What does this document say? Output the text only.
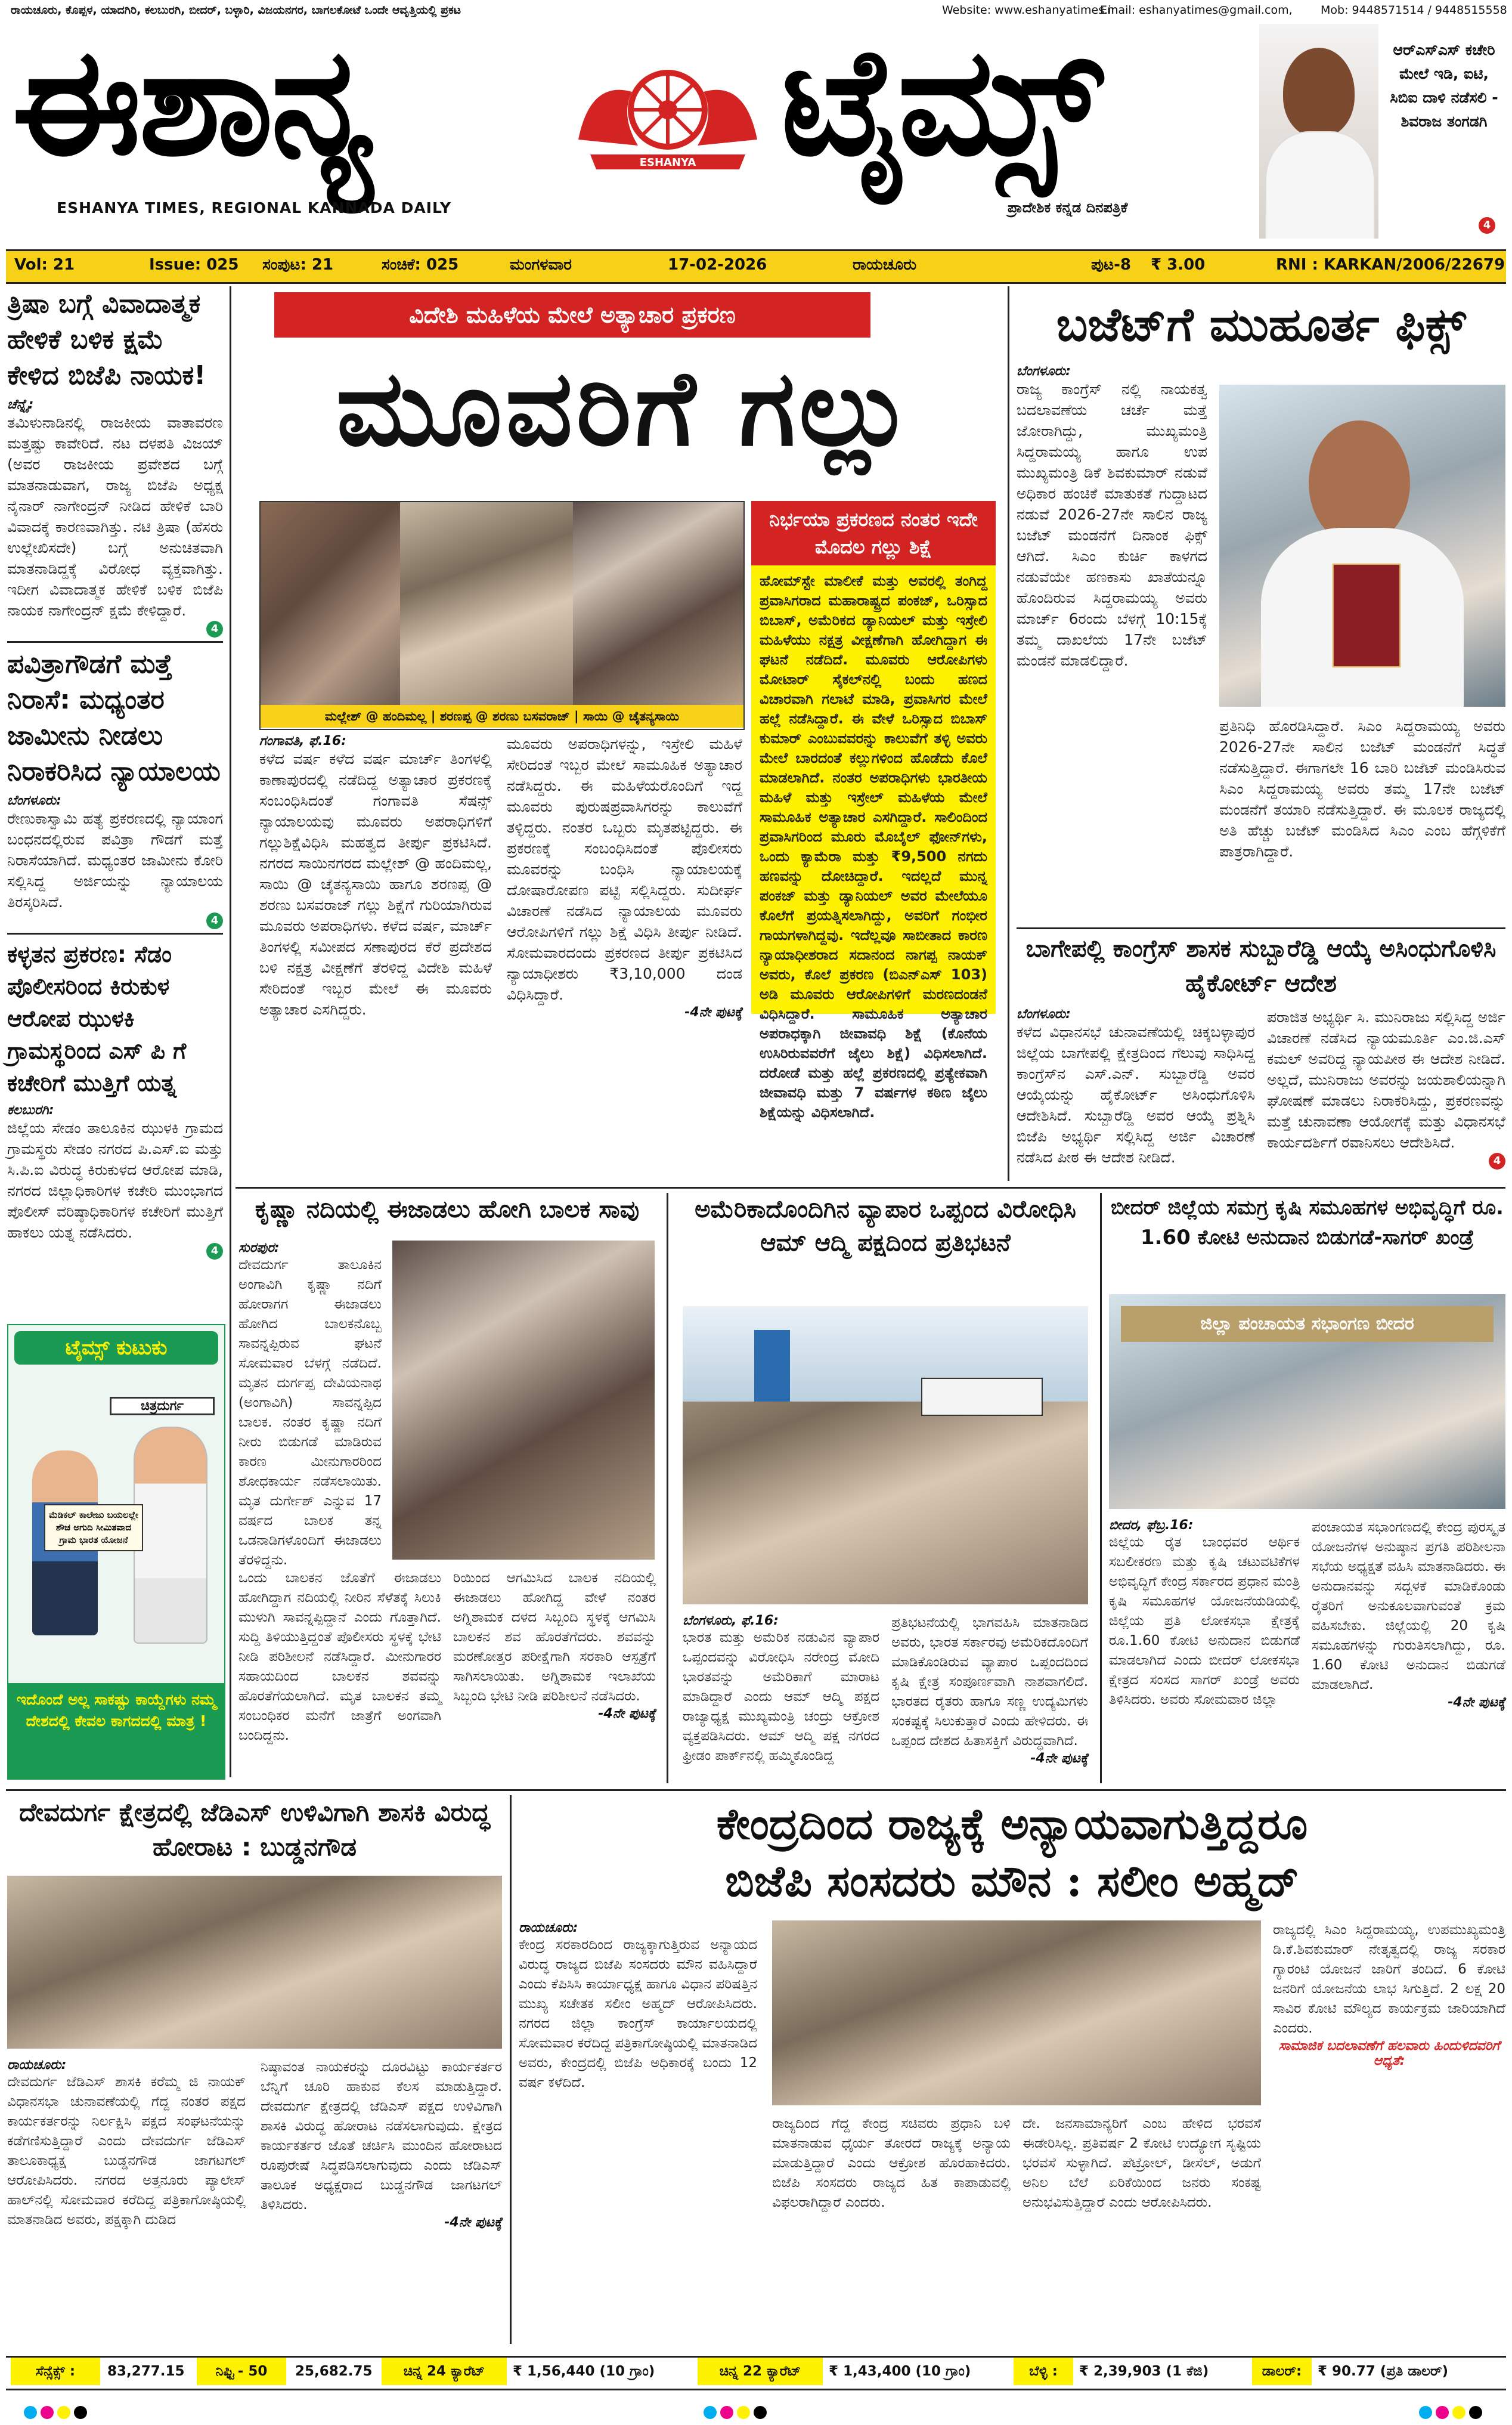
ರಾಯಚೂರು, ಕೊಪ್ಪಳ, ಯಾದಗಿರಿ, ಕಲಬುರಗಿ, ಬೀದರ್, ಬಳ್ಳಾರಿ, ವಿಜಯನಗರ, ಬಾಗಲಕೋಟೆ ಒಂದೇ ಆವೃತ್ತಿಯಲ್ಲಿ ಪ್ರಕಟ	Website: www.eshanyatimes.in
Email: eshanyatimes@gmail.com, Mob: 9448571514 / 9448515558
ಈಶಾನ್ಯ
ESHANYA TIMES, REGIONAL KANNADA DAILY
ESHANYA TIMES ಟೈಮ್ಸ್
ಪ್ರಾದೇಶಿಕ ಕನ್ನಡ ದಿನಪತ್ರಿಕೆ
ಆರ್‌ಎಸ್‌ಎಸ್ ಕಚೇರಿ ಮೇಲೆ ಇಡಿ, ಐಟಿ, ಸಿಬಿಐ ದಾಳಿ ನಡೆಸಲಿ - ಶಿವರಾಜ ತಂಗಡಗಿ
4
Vol: 21	Issue: 025 ಸಂಪುಟ: 21	ಸಂಚಿಕೆ: 025	ಮಂಗಳವಾರ	17-02-2026	ರಾಯಚೂರು	ಪುಟ-8 ₹ 3.00	RNI : KARKAN/2006/22679
ತ್ರಿಷಾ ಬಗ್ಗೆ ವಿವಾದಾತ್ಮಕ ಹೇಳಿಕೆ ಬಳಿಕ ಕ್ಷಮೆ ಕೇಳಿದ ಬಿಜೆಪಿ ನಾಯಕ!
ಚೆನ್ನೈ:
ತಮಿಳುನಾಡಿನಲ್ಲಿ ರಾಜಕೀಯ ವಾತಾವರಣ ಮತ್ತಷ್ಟು ಕಾವೇರಿದೆ. ನಟ ದಳಪತಿ ವಿಜಯ್ (ಅವರ ರಾಜಕೀಯ ಪ್ರವೇಶದ ಬಗ್ಗೆ ಮಾತನಾಡುವಾಗ, ರಾಜ್ಯ ಬಿಜೆಪಿ ಅಧ್ಯಕ್ಷ ನೈನಾರ್ ನಾಗೇಂದ್ರನ್ ನೀಡಿದ ಹೇಳಿಕೆ ಬಾರಿ ವಿವಾದಕ್ಕೆ ಕಾರಣವಾಗಿತ್ತು. ನಟಿ ತ್ರಿಷಾ (ಹೆಸರು ಉಲ್ಲೇಖಿಸದೇ) ಬಗ್ಗೆ ಅನುಚಿತವಾಗಿ ಮಾತನಾಡಿದ್ದಕ್ಕೆ ವಿರೋಧ ವ್ಯಕ್ತವಾಗಿತ್ತು. ಇದೀಗ ವಿವಾದಾತ್ಮಕ ಹೇಳಿಕೆ ಬಳಿಕ ಬಿಜೆಪಿ ನಾಯಕ ನಾಗೇಂದ್ರನ್ ಕ್ಷಮೆ ಕೇಳಿದ್ದಾರೆ.
4
ಪವಿತ್ರಾಗೌಡಗೆ ಮತ್ತೆ ನಿರಾಸೆ: ಮಧ್ಯಂತರ ಜಾಮೀನು ನೀಡಲು ನಿರಾಕರಿಸಿದ ನ್ಯಾಯಾಲಯ
ಬೆಂಗಳೂರು:
ರೇಣುಕಾಸ್ವಾಮಿ ಹತ್ಯೆ ಪ್ರಕರಣದಲ್ಲಿ ನ್ಯಾಯಾಂಗ ಬಂಧನದಲ್ಲಿರುವ ಪವಿತ್ರಾ ಗೌಡಗೆ ಮತ್ತೆ ನಿರಾಸೆಯಾಗಿದೆ. ಮಧ್ಯಂತರ ಜಾಮೀನು ಕೋರಿ ಸಲ್ಲಿಸಿದ್ದ ಅರ್ಜಿಯನ್ನು ನ್ಯಾಯಾಲಯ ತಿರಸ್ಕರಿಸಿದೆ.
4
ಕಳ್ಳತನ ಪ್ರಕರಣ: ಸೆಡಂ ಪೊಲೀಸರಿಂದ ಕಿರುಕುಳ ಆರೋಪ ಝುಳಕಿ ಗ್ರಾಮಸ್ಥರಿಂದ ಎಸ್ ಪಿ ಗೆ ಕಚೇರಿಗೆ ಮುತ್ತಿಗೆ ಯತ್ನ
ಕಲಬುರಗಿ:
ಜಿಲ್ಲೆಯ ಸೇಡಂ ತಾಲೂಕಿನ ಝುಳಕಿ ಗ್ರಾಮದ ಗ್ರಾಮಸ್ಥರು ಸೇಡಂ ನಗರದ ಪಿ.ಎಸ್.ಐ ಮತ್ತು ಸಿ.ಪಿ.ಐ ವಿರುದ್ಧ ಕಿರುಕುಳದ ಆರೋಪ ಮಾಡಿ, ನಗರದ ಜಿಲ್ಲಾಧಿಕಾರಿಗಳ ಕಚೇರಿ ಮುಂಭಾಗದ ಪೊಲೀಸ್ ವರಿಷ್ಠಾಧಿಕಾರಿಗಳ ಕಚೇರಿಗೆ ಮುತ್ತಿಗೆ ಹಾಕಲು ಯತ್ನ ನಡೆಸಿದರು.
4
ಟೈಮ್ಸ್ ಕುಟುಕು
ಚಿತ್ರದುರ್ಗ
ಮೆಡಿಕಲ್ ಕಾಲೇಜು ಬಯಲಲ್ಲೇ ಶೌಚ ಅಗುದಿ ಸೀಮಿತವಾದ ಗ್ರಾಮ ಭಾರತ ಯೋಜನೆ
ಇದೊಂದೆ ಅಲ್ಲ ಸಾಕಷ್ಟು ಕಾಯ್ದೆಗಳು ನಮ್ಮ ದೇಶದಲ್ಲಿ ಕೇವಲ ಕಾಗದದಲ್ಲಿ ಮಾತ್ರ !
ವಿದೇಶಿ ಮಹಿಳೆಯ ಮೇಲೆ ಅತ್ಯಾಚಾರ ಪ್ರಕರಣ
ಮೂವರಿಗೆ ಗಲ್ಲು
ಮಲ್ಲೇಶ್ @ ಹಂದಿಮಲ್ಲ | ಶರಣಪ್ಪ @ ಶರಣು ಬಸವರಾಜ್ | ಸಾಯಿ @ ಚೈತನ್ಯಸಾಯಿ
ನಿರ್ಭಯಾ ಪ್ರಕರಣದ ನಂತರ ಇದೇ ಮೊದಲ ಗಲ್ಲು ಶಿಕ್ಷೆ
ಹೋಮ್‌ಸ್ಟೇ ಮಾಲೀಕೆ ಮತ್ತು ಅವರಲ್ಲಿ ತಂಗಿದ್ದ ಪ್ರವಾಸಿಗರಾದ ಮಹಾರಾಷ್ಟ್ರದ ಪಂಕಜ್, ಒರಿಸ್ಸಾದ ಬಿಬಾಸ್, ಅಮೆರಿಕದ ಡ್ಯಾನಿಯಲ್ ಮತ್ತು ಇಸ್ರೇಲಿ ಮಹಿಳೆಯು ನಕ್ಷತ್ರ ವೀಕ್ಷಣೆಗಾಗಿ ಹೋಗಿದ್ದಾಗ ಈ ಘಟನೆ ನಡೆದಿದೆ. ಮೂವರು ಆರೋಪಿಗಳು ಮೋಟಾರ್ ಸೈಕಲ್‌ನಲ್ಲಿ ಬಂದು ಹಣದ ವಿಚಾರವಾಗಿ ಗಲಾಟೆ ಮಾಡಿ, ಪ್ರವಾಸಿಗರ ಮೇಲೆ ಹಲ್ಲೆ ನಡೆಸಿದ್ದಾರೆ. ಈ ವೇಳೆ ಒರಿಸ್ಸಾದ ಬಿಬಾಸ್ ಕುಮಾರ್ ಎಂಬುವವರನ್ನು ಕಾಲುವೆಗೆ ತಳ್ಳಿ ಅವರು ಮೇಲೆ ಬಾರದಂತೆ ಕಲ್ಲುಗಳಿಂದ ಹೊಡೆದು ಕೊಲೆ ಮಾಡಲಾಗಿದೆ. ನಂತರ ಅಪರಾಧಿಗಳು ಭಾರತೀಯ ಮಹಿಳೆ ಮತ್ತು ಇಸ್ರೇಲ್ ಮಹಿಳೆಯ ಮೇಲೆ ಸಾಮೂಹಿಕ ಅತ್ಯಾಚಾರ ಎಸಗಿದ್ದಾರೆ. ಸಾಲಿಂದಿಂದ ಪ್ರವಾಸಿಗರಿಂದ ಮೂರು ಮೊಬೈಲ್ ಫೋನ್‌ಗಳು, ಒಂದು ಕ್ಯಾಮೆರಾ ಮತ್ತು ₹9,500 ನಗದು ಹಣವನ್ನು ದೋಚಿದ್ದಾರೆ. ಇದಲ್ಲದೆ ಮುನ್ನ ಪಂಕಜ್ ಮತ್ತು ಡ್ಯಾನಿಯಲ್ ಅವರ ಮೇಲೆಯೂ ಕೊಲೆಗೆ ಪ್ರಯತ್ನಿಸಲಾಗಿದ್ದು, ಅವರಿಗೆ ಗಂಭೀರ ಗಾಯಗಳಾಗಿದ್ದವು. ಇದೆಲ್ಲವೂ ಸಾಬೀತಾದ ಕಾರಣ ನ್ಯಾಯಾಧೀಶರಾದ ಸದಾನಂದ ನಾಗಪ್ಪ ನಾಯಕ್ ಅವರು, ಕೊಲೆ ಪ್ರಕರಣ (ಬಿಎನ್‌ಎಸ್ 103) ಅಡಿ ಮೂವರು ಆರೋಪಿಗಳಿಗೆ ಮರಣದಂಡನೆ ವಿಧಿಸಿದ್ದಾರೆ. ಸಾಮೂಹಿಕ ಅತ್ಯಾಚಾರ ಅಪರಾಧಕ್ಕಾಗಿ ಜೀವಾವಧಿ ಶಿಕ್ಷೆ (ಕೊನೆಯ ಉಸಿರಿರುವವರೆಗೆ ಜೈಲು ಶಿಕ್ಷೆ) ವಿಧಿಸಲಾಗಿದೆ. ದರೋಡೆ ಮತ್ತು ಹಲ್ಲೆ ಪ್ರಕರಣದಲ್ಲಿ ಪ್ರತ್ಯೇಕವಾಗಿ ಜೀವಾವಧಿ ಮತ್ತು 7 ವರ್ಷಗಳ ಕಠಿಣ ಜೈಲು ಶಿಕ್ಷೆಯನ್ನು ವಿಧಿಸಲಾಗಿದೆ.
ಗಂಗಾವತಿ, ಫೆ.16:
ಕಳೆದ ವರ್ಷ ಕಳೆದ ವರ್ಷ ಮಾರ್ಚ್ ತಿಂಗಳಲ್ಲಿ ಕಾಣಾಪುರದಲ್ಲಿ ನಡೆದಿದ್ದ ಅತ್ಯಾಚಾರ ಪ್ರಕರಣಕ್ಕೆ ಸಂಬಂಧಿಸಿದಂತೆ ಗಂಗಾವತಿ ಸೆಷನ್ಸ್ ನ್ಯಾಯಾಲಯವು ಮೂವರು ಅಪರಾಧಿಗಳಿಗೆ ಗಲ್ಲುಶಿಕ್ಷೆವಿಧಿಸಿ ಮಹತ್ವದ ತೀರ್ಪು ಪ್ರಕಟಿಸಿದೆ. ನಗರದ ಸಾಯಿನಗರದ ಮಲ್ಲೇಶ್ @ ಹಂದಿಮಲ್ಲ, ಸಾಯಿ @ ಚೈತನ್ಯಸಾಯಿ ಹಾಗೂ ಶರಣಪ್ಪ @ ಶರಣು ಬಸವರಾಜ್ ಗಲ್ಲು ಶಿಕ್ಷೆಗೆ ಗುರಿಯಾಗಿರುವ ಮೂವರು ಅಪರಾಧಿಗಳು. ಕಳೆದ ವರ್ಷ, ಮಾರ್ಚ್ ತಿಂಗಳಲ್ಲಿ ಸಮೀಪದ ಸಣಾಪುರದ ಕೆರೆ ಪ್ರದೇಶದ ಬಳಿ ನಕ್ಷತ್ರ ವೀಕ್ಷಣೆಗೆ ತೆರಳಿದ್ದ ವಿದೇಶಿ ಮಹಿಳೆ ಸೇರಿದಂತೆ ಇಬ್ಬರ ಮೇಲೆ ಈ ಮೂವರು ಅತ್ಯಾಚಾರ ಎಸಗಿದ್ದರು.
ಮೂವರು ಅಪರಾಧಿಗಳನ್ನು, ಇಸ್ರೇಲಿ ಮಹಿಳೆ ಸೇರಿದಂತೆ ಇಬ್ಬರ ಮೇಲೆ ಸಾಮೂಹಿಕ ಅತ್ಯಾಚಾರ ನಡೆಸಿದ್ದರು. ಈ ಮಹಿಳೆಯರೊಂದಿಗೆ ಇದ್ದ ಮೂವರು ಪುರುಷಪ್ರವಾಸಿಗರನ್ನು ಕಾಲುವೆಗೆ ತಳ್ಳಿದ್ದರು. ನಂತರ ಒಬ್ಬರು ಮೃತಪಟ್ಟಿದ್ದರು. ಈ ಪ್ರಕರಣಕ್ಕೆ ಸಂಬಂಧಿಸಿದಂತೆ ಪೊಲೀಸರು ಮೂವರನ್ನು ಬಂಧಿಸಿ ನ್ಯಾಯಾಲಯಕ್ಕೆ ದೋಷಾರೋಪಣ ಪಟ್ಟಿ ಸಲ್ಲಿಸಿದ್ದರು. ಸುದೀರ್ಘ ವಿಚಾರಣೆ ನಡೆಸಿದ ನ್ಯಾಯಾಲಯ ಮೂವರು ಆರೋಪಿಗಳಿಗೆ ಗಲ್ಲು ಶಿಕ್ಷೆ ವಿಧಿಸಿ ತೀರ್ಪು ನೀಡಿದೆ. ಸೋಮವಾರದಂದು ಪ್ರಕರಣದ ತೀರ್ಪು ಪ್ರಕಟಿಸಿದ ನ್ಯಾಯಾಧೀಶರು ₹3,10,000 ದಂಡ ವಿಧಿಸಿದ್ದಾರೆ.
-4ನೇ ಪುಟಕ್ಕೆ
ಬಜೆಟ್‌ಗೆ ಮುಹೂರ್ತ ಫಿಕ್ಸ್
ಬೆಂಗಳೂರು:
ರಾಜ್ಯ ಕಾಂಗ್ರೆಸ್ ನಲ್ಲಿ ನಾಯಕತ್ವ ಬದಲಾವಣೆಯ ಚರ್ಚೆ ಮತ್ತೆ ಜೋರಾಗಿದ್ದು, ಮುಖ್ಯಮಂತ್ರಿ ಸಿದ್ದರಾಮಯ್ಯ ಹಾಗೂ ಉಪ ಮುಖ್ಯಮಂತ್ರಿ ಡಿಕೆ ಶಿವಕುಮಾರ್ ನಡುವೆ ಅಧಿಕಾರ ಹಂಚಿಕೆ ಮಾತುಕತೆ ಗುದ್ದಾಟದ ನಡುವೆ 2026-27ನೇ ಸಾಲಿನ ರಾಜ್ಯ ಬಜೆಟ್ ಮಂಡನೆಗೆ ದಿನಾಂಕ ಫಿಕ್ಸ್ ಆಗಿದೆ. ಸಿಎಂ ಕುರ್ಚಿ ಕಾಳಗದ ನಡುವೆಯೇ ಹಣಕಾಸು ಖಾತೆಯನ್ನೂ ಹೊಂದಿರುವ ಸಿದ್ದರಾಮಯ್ಯ ಅವರು ಮಾರ್ಚ್ 6ರಂದು ಬೆಳಗ್ಗೆ 10:15ಕ್ಕೆ ತಮ್ಮ ದಾಖಲೆಯ 17ನೇ ಬಜೆಟ್ ಮಂಡನೆ ಮಾಡಲಿದ್ದಾರೆ.
ಪ್ರತಿನಿಧಿ ಹೊರಡಿಸಿದ್ದಾರೆ. ಸಿಎಂ ಸಿದ್ದರಾಮಯ್ಯ ಅವರು 2026-27ನೇ ಸಾಲಿನ ಬಜೆಟ್ ಮಂಡನೆಗೆ ಸಿದ್ಧತೆ ನಡೆಸುತ್ತಿದ್ದಾರೆ. ಈಗಾಗಲೇ 16 ಬಾರಿ ಬಜೆಟ್ ಮಂಡಿಸಿರುವ ಸಿಎಂ ಸಿದ್ದರಾಮಯ್ಯ ಅವರು ತಮ್ಮ 17ನೇ ಬಜೆಟ್ ಮಂಡನೆಗೆ ತಯಾರಿ ನಡೆಸುತ್ತಿದ್ದಾರೆ. ಈ ಮೂಲಕ ರಾಜ್ಯದಲ್ಲಿ ಅತಿ ಹೆಚ್ಚು ಬಜೆಟ್ ಮಂಡಿಸಿದ ಸಿಎಂ ಎಂಬ ಹೆಗ್ಗಳಿಕೆಗೆ ಪಾತ್ರರಾಗಿದ್ದಾರೆ.
ಬಾಗೇಪಲ್ಲಿ ಕಾಂಗ್ರೆಸ್ ಶಾಸಕ ಸುಬ್ಬಾರೆಡ್ಡಿ ಆಯ್ಕೆ ಅಸಿಂಧುಗೊಳಿಸಿ ಹೈಕೋರ್ಟ್ ಆದೇಶ
ಬೆಂಗಳೂರು:
ಕಳೆದ ವಿಧಾನಸಭೆ ಚುನಾವಣೆಯಲ್ಲಿ ಚಿಕ್ಕಬಳ್ಳಾಪುರ ಜಿಲ್ಲೆಯ ಬಾಗೇಪಲ್ಲಿ ಕ್ಷೇತ್ರದಿಂದ ಗೆಲುವು ಸಾಧಿಸಿದ್ದ ಕಾಂಗ್ರೆಸ್‌ನ ಎಸ್.ಎನ್. ಸುಬ್ಬಾರೆಡ್ಡಿ ಅವರ ಆಯ್ಕೆಯನ್ನು ಹೈಕೋರ್ಟ್ ಅಸಿಂಧುಗೊಳಿಸಿ ಆದೇಶಿಸಿದೆ. ಸುಬ್ಬಾರೆಡ್ಡಿ ಅವರ ಆಯ್ಕೆ ಪ್ರಶ್ನಿಸಿ ಬಿಜೆಪಿ ಅಭ್ಯರ್ಥಿ ಸಲ್ಲಿಸಿದ್ದ ಅರ್ಜಿ ವಿಚಾರಣೆ ನಡೆಸಿದ ಪೀಠ ಈ ಆದೇಶ ನೀಡಿದೆ.
ಪರಾಜಿತ ಅಭ್ಯರ್ಥಿ ಸಿ. ಮುನಿರಾಜು ಸಲ್ಲಿಸಿದ್ದ ಅರ್ಜಿ ವಿಚಾರಣೆ ನಡೆಸಿದ ನ್ಯಾಯಮೂರ್ತಿ ಎಂ.ಜಿ.ಎಸ್ ಕಮಲ್ ಅವರಿದ್ದ ನ್ಯಾಯಪೀಠ ಈ ಆದೇಶ ನೀಡಿದೆ. ಅಲ್ಲದೆ, ಮುನಿರಾಜು ಅವರನ್ನು ಜಯಶಾಲಿಯನ್ನಾಗಿ ಘೋಷಣೆ ಮಾಡಲು ನಿರಾಕರಿಸಿದ್ದು, ಪ್ರಕರಣವನ್ನು ಮತ್ತೆ ಚುನಾವಣಾ ಆಯೋಗಕ್ಕೆ ಮತ್ತು ವಿಧಾನಸಭೆ ಕಾರ್ಯದರ್ಶಿಗೆ ರವಾನಿಸಲು ಆದೇಶಿಸಿದೆ.
4
ಕೃಷ್ಣಾ ನದಿಯಲ್ಲಿ ಈಜಾಡಲು ಹೋಗಿ ಬಾಲಕ ಸಾವು
ಸುರಪುರ:
ದೇವದುರ್ಗ ತಾಲೂಕಿನ ಅಂಗಾವಿಗಿ ಕೃಷ್ಣಾ ನದಿಗೆ ಹೋರಾಗಗ ಈಜಾಡಲು ಹೋಗಿದ ಬಾಲಕನೊಬ್ಬ ಸಾವನ್ನಪ್ಪಿರುವ ಘಟನೆ ಸೋಮವಾರ ಬೆಳಗ್ಗೆ ನಡೆದಿದೆ. ಮೃತನ ದುರ್ಗಪ್ಪ ದೇವಿಯನಾಥ (ಅಂಗಾವಿಗಿ) ಸಾವನ್ನಪ್ಪಿದ ಬಾಲಕ. ನಂತರ ಕೃಷ್ಣಾ ನದಿಗೆ ನೀರು ಬಿಡುಗಡೆ ಮಾಡಿರುವ ಕಾರಣ ಮೀನುಗಾರರಿಂದ ಶೋಧಕಾರ್ಯ ನಡೆಸಲಾಯಿತು. ಮೃತ ದುರ್ಗೇಶ್ ಎನ್ನುವ 17 ವರ್ಷದ ಬಾಲಕ ತನ್ನ ಒಡನಾಡಿಗಳೊಂದಿಗೆ ಈಜಾಡಲು ತೆರಳಿದ್ದನು.
ಒಂದು ಬಾಲಕನ ಜೊತೆಗೆ ಈಜಾಡಲು ಹೋಗಿದ್ದಾಗ ನದಿಯಲ್ಲಿ ನೀರಿನ ಸೆಳೆತಕ್ಕೆ ಸಿಲುಕಿ ಮುಳುಗಿ ಸಾವನ್ನಪ್ಪಿದ್ದಾನೆ ಎಂದು ಗೊತ್ತಾಗಿದೆ. ಸುದ್ದಿ ತಿಳಿಯುತ್ತಿದ್ದಂತೆ ಪೊಲೀಸರು ಸ್ಥಳಕ್ಕೆ ಭೇಟಿ ನೀಡಿ ಪರಿಶೀಲನೆ ನಡೆಸಿದ್ದಾರೆ. ಮೀನುಗಾರರ ಸಹಾಯದಿಂದ ಬಾಲಕನ ಶವವನ್ನು ಹೊರತೆಗೆಯಲಾಗಿದೆ. ಮೃತ ಬಾಲಕನ ತಮ್ಮ ಸಂಬಂಧಿಕರ ಮನೆಗೆ ಜಾತ್ರೆಗೆ ಅಂಗವಾಗಿ ಬಂದಿದ್ದನು.
ರಿಯಿಂದ ಆಗಮಿಸಿದ ಬಾಲಕ ನದಿಯಲ್ಲಿ ಈಜಾಡಲು ಹೋಗಿದ್ದ ವೇಳೆ ನಂತರ ಅಗ್ನಿಶಾಮಕ ದಳದ ಸಿಬ್ಬಂದಿ ಸ್ಥಳಕ್ಕೆ ಆಗಮಿಸಿ ಬಾಲಕನ ಶವ ಹೊರತೆಗೆದರು. ಶವವನ್ನು ಮರಣೋತ್ತರ ಪರೀಕ್ಷೆಗಾಗಿ ಸರಕಾರಿ ಆಸ್ಪತ್ರೆಗೆ ಸಾಗಿಸಲಾಯಿತು. ಅಗ್ನಿಶಾಮಕ ಇಲಾಖೆಯ ಸಿಬ್ಬಂದಿ ಭೇಟಿ ನೀಡಿ ಪರಿಶೀಲನೆ ನಡೆಸಿದರು.
-4ನೇ ಪುಟಕ್ಕೆ
ಅಮೆರಿಕಾದೊಂದಿಗಿನ ವ್ಯಾಪಾರ ಒಪ್ಪಂದ ವಿರೋಧಿಸಿ ಆಮ್ ಆದ್ಮಿ ಪಕ್ಷದಿಂದ ಪ್ರತಿಭಟನೆ
ಬೆಂಗಳೂರು, ಫೆ.16:
ಭಾರತ ಮತ್ತು ಅಮೆರಿಕ ನಡುವಿನ ವ್ಯಾಪಾರ ಒಪ್ಪಂದವನ್ನು ವಿರೋಧಿಸಿ ನರೇಂದ್ರ ಮೋದಿ ಭಾರತವನ್ನು ಅಮೆರಿಕಾಗೆ ಮಾರಾಟ ಮಾಡಿದ್ದಾರೆ ಎಂದು ಆಮ್ ಆದ್ಮಿ ಪಕ್ಷದ ರಾಜ್ಯಾಧ್ಯಕ್ಷ ಮುಖ್ಯಮಂತ್ರಿ ಚಂದ್ರು ಆಕ್ರೋಶ ವ್ಯಕ್ತಪಡಿಸಿದರು. ಆಮ್ ಆದ್ಮಿ ಪಕ್ಷ ನಗರದ ಫ್ರೀಡಂ ಪಾರ್ಕ್‌ನಲ್ಲಿ ಹಮ್ಮಿಕೊಂಡಿದ್ದ
ಪ್ರತಿಭಟನೆಯಲ್ಲಿ ಭಾಗವಹಿಸಿ ಮಾತನಾಡಿದ ಅವರು, ಭಾರತ ಸರ್ಕಾರವು ಅಮೆರಿಕದೊಂದಿಗೆ ಮಾಡಿಕೊಂಡಿರುವ ವ್ಯಾಪಾರ ಒಪ್ಪಂದದಿಂದ ಕೃಷಿ ಕ್ಷೇತ್ರ ಸಂಪೂರ್ಣವಾಗಿ ನಾಶವಾಗಲಿದೆ. ಭಾರತದ ರೈತರು ಹಾಗೂ ಸಣ್ಣ ಉದ್ಯಮಿಗಳು ಸಂಕಷ್ಟಕ್ಕೆ ಸಿಲುಕುತ್ತಾರೆ ಎಂದು ಹೇಳಿದರು. ಈ ಒಪ್ಪಂದ ದೇಶದ ಹಿತಾಸಕ್ತಿಗೆ ವಿರುದ್ಧವಾಗಿದೆ.
-4ನೇ ಪುಟಕ್ಕೆ
ಬೀದರ್ ಜಿಲ್ಲೆಯ ಸಮಗ್ರ ಕೃಷಿ ಸಮೂಹಗಳ ಅಭಿವೃದ್ಧಿಗೆ ರೂ. 1.60 ಕೋಟಿ ಅನುದಾನ ಬಿಡುಗಡೆ-ಸಾಗರ್ ಖಂಡ್ರೆ
ಜಿಲ್ಲಾ ಪಂಚಾಯತ ಸಭಾಂಗಣ ಬೀದರ
ಬೀದರ, ಫೆಬ್ರ.16:
ಜಿಲ್ಲೆಯ ರೈತ ಬಾಂಧವರ ಆರ್ಥಿಕ ಸಬಲೀಕರಣ ಮತ್ತು ಕೃಷಿ ಚಟುವಟಿಕೆಗಳ ಅಭಿವೃದ್ಧಿಗೆ ಕೇಂದ್ರ ಸರ್ಕಾರದ ಪ್ರಧಾನ ಮಂತ್ರಿ ಕೃಷಿ ಸಮೂಹಗಳ ಯೋಜನೆಯಡಿಯಲ್ಲಿ ಜಿಲ್ಲೆಯ ಪ್ರತಿ ಲೋಕಸಭಾ ಕ್ಷೇತ್ರಕ್ಕೆ ರೂ.1.60 ಕೋಟಿ ಅನುದಾನ ಬಿಡುಗಡೆ ಮಾಡಲಾಗಿದೆ ಎಂದು ಬೀದರ್ ಲೋಕಸಭಾ ಕ್ಷೇತ್ರದ ಸಂಸದ ಸಾಗರ್ ಖಂಡ್ರೆ ಅವರು ತಿಳಿಸಿದರು. ಅವರು ಸೋಮವಾರ ಜಿಲ್ಲಾ
ಪಂಚಾಯತ ಸಭಾಂಗಣದಲ್ಲಿ ಕೇಂದ್ರ ಪುರಸ್ಕೃತ ಯೋಜನೆಗಳ ಅನುಷ್ಠಾನ ಪ್ರಗತಿ ಪರಿಶೀಲನಾ ಸಭೆಯ ಅಧ್ಯಕ್ಷತೆ ವಹಿಸಿ ಮಾತನಾಡಿದರು. ಈ ಅನುದಾನವನ್ನು ಸದ್ಬಳಕೆ ಮಾಡಿಕೊಂಡು ರೈತರಿಗೆ ಅನುಕೂಲವಾಗುವಂತೆ ಕ್ರಮ ವಹಿಸಬೇಕು. ಜಿಲ್ಲೆಯಲ್ಲಿ 20 ಕೃಷಿ ಸಮೂಹಗಳನ್ನು ಗುರುತಿಸಲಾಗಿದ್ದು, ರೂ. 1.60 ಕೋಟಿ ಅನುದಾನ ಬಿಡುಗಡೆ ಮಾಡಲಾಗಿದೆ.
-4ನೇ ಪುಟಕ್ಕೆ
ದೇವದುರ್ಗ ಕ್ಷೇತ್ರದಲ್ಲಿ ಜೆಡಿಎಸ್ ಉಳಿವಿಗಾಗಿ ಶಾಸಕಿ ವಿರುದ್ಧ ಹೋರಾಟ : ಬುಡ್ಡನಗೌಡ
ರಾಯಚೂರು:
ದೇವದುರ್ಗ ಜೆಡಿಎಸ್ ಶಾಸಕಿ ಕರೆಮ್ಮ ಜಿ ನಾಯಕ್ ವಿಧಾನಸಭಾ ಚುನಾವಣೆಯಲ್ಲಿ ಗೆದ್ದ ನಂತರ ಪಕ್ಷದ ಕಾರ್ಯಕರ್ತರನ್ನು ನಿರ್ಲಕ್ಷಿಸಿ ಪಕ್ಷದ ಸಂಘಟನೆಯನ್ನು ಕಡೆಗಣಿಸುತ್ತಿದ್ದಾರೆ ಎಂದು ದೇವದುರ್ಗ ಜೆಡಿಎಸ್ ತಾಲೂಕಾಧ್ಯಕ್ಷ ಬುಡ್ಡನಗೌಡ ಜಾಗಟಗಲ್ ಆರೋಪಿಸಿದರು. ನಗರದ ಅತ್ತನೂರು ಪ್ಯಾಲೇಸ್ ಹಾಲ್‌ನಲ್ಲಿ ಸೋಮವಾರ ಕರೆದಿದ್ದ ಪತ್ರಿಕಾಗೋಷ್ಠಿಯಲ್ಲಿ ಮಾತನಾಡಿದ ಅವರು, ಪಕ್ಷಕ್ಕಾಗಿ ದುಡಿದ
ನಿಷ್ಠಾವಂತ ನಾಯಕರನ್ನು ದೂರವಿಟ್ಟು ಕಾರ್ಯಕರ್ತರ ಬೆನ್ನಿಗೆ ಚೂರಿ ಹಾಕುವ ಕೆಲಸ ಮಾಡುತ್ತಿದ್ದಾರೆ. ದೇವದುರ್ಗ ಕ್ಷೇತ್ರದಲ್ಲಿ ಜೆಡಿಎಸ್ ಪಕ್ಷದ ಉಳಿವಿಗಾಗಿ ಶಾಸಕಿ ವಿರುದ್ಧ ಹೋರಾಟ ನಡೆಸಲಾಗುವುದು. ಕ್ಷೇತ್ರದ ಕಾರ್ಯಕರ್ತರ ಜೊತೆ ಚರ್ಚಿಸಿ ಮುಂದಿನ ಹೋರಾಟದ ರೂಪುರೇಷೆ ಸಿದ್ಧಪಡಿಸಲಾಗುವುದು ಎಂದು ಜೆಡಿಎಸ್ ತಾಲೂಕ ಅಧ್ಯಕ್ಷರಾದ ಬುಡ್ಡನಗೌಡ ಜಾಗಟಗಲ್ ತಿಳಿಸಿದರು.
-4ನೇ ಪುಟಕ್ಕೆ
ಕೇಂದ್ರದಿಂದ ರಾಜ್ಯಕ್ಕೆ ಅನ್ಯಾಯವಾಗುತ್ತಿದ್ದರೂ
ಬಿಜೆಪಿ ಸಂಸದರು ಮೌನ : ಸಲೀಂ ಅಹ್ಮದ್
ರಾಯಚೂರು:
ಕೇಂದ್ರ ಸರಕಾರದಿಂದ ರಾಜ್ಯಕ್ಕಾಗುತ್ತಿರುವ ಅನ್ಯಾಯದ ವಿರುದ್ಧ ರಾಜ್ಯದ ಬಿಜೆಪಿ ಸಂಸದರು ಮೌನ ವಹಿಸಿದ್ದಾರೆ ಎಂದು ಕೆಪಿಸಿಸಿ ಕಾರ್ಯಾಧ್ಯಕ್ಷ ಹಾಗೂ ವಿಧಾನ ಪರಿಷತ್ತಿನ ಮುಖ್ಯ ಸಚೇತಕ ಸಲೀಂ ಅಹ್ಮದ್ ಆರೋಪಿಸಿದರು. ನಗರದ ಜಿಲ್ಲಾ ಕಾಂಗ್ರೆಸ್ ಕಾರ್ಯಾಲಯದಲ್ಲಿ ಸೋಮವಾರ ಕರೆದಿದ್ದ ಪತ್ರಿಕಾಗೋಷ್ಠಿಯಲ್ಲಿ ಮಾತನಾಡಿದ ಅವರು, ಕೇಂದ್ರದಲ್ಲಿ ಬಿಜೆಪಿ ಅಧಿಕಾರಕ್ಕೆ ಬಂದು 12 ವರ್ಷ ಕಳೆದಿದೆ.
ರಾಜ್ಯದಿಂದ ಗೆದ್ದ ಕೇಂದ್ರ ಸಚಿವರು ಪ್ರಧಾನಿ ಬಳಿ ಮಾತನಾಡುವ ಧೈರ್ಯ ತೋರದೆ ರಾಜ್ಯಕ್ಕೆ ಅನ್ಯಾಯ ಮಾಡುತ್ತಿದ್ದಾರೆ ಎಂದು ಆಕ್ರೋಶ ಹೊರಹಾಕಿದರು. ಬಿಜೆಪಿ ಸಂಸದರು ರಾಜ್ಯದ ಹಿತ ಕಾಪಾಡುವಲ್ಲಿ ವಿಫಲರಾಗಿದ್ದಾರೆ ಎಂದರು.
ದೇ. ಜನಸಾಮಾನ್ಯರಿಗೆ ಎಂಬ ಹೇಳಿದ ಭರವಸೆ ಈಡೇರಿಸಿಲ್ಲ. ಪ್ರತಿವರ್ಷ 2 ಕೋಟಿ ಉದ್ಯೋಗ ಸೃಷ್ಟಿಯ ಭರವಸೆ ಸುಳ್ಳಾಗಿದೆ. ಪೆಟ್ರೋಲ್, ಡೀಸೆಲ್, ಅಡುಗೆ ಅನಿಲ ಬೆಲೆ ಏರಿಕೆಯಿಂದ ಜನರು ಸಂಕಷ್ಟ ಅನುಭವಿಸುತ್ತಿದ್ದಾರೆ ಎಂದು ಆರೋಪಿಸಿದರು.
ರಾಜ್ಯದಲ್ಲಿ ಸಿಎಂ ಸಿದ್ದರಾಮಯ್ಯ, ಉಪಮುಖ್ಯಮಂತ್ರಿ ಡಿ.ಕೆ.ಶಿವಕುಮಾರ್ ನೇತೃತ್ವದಲ್ಲಿ ರಾಜ್ಯ ಸರಕಾರ ಗ್ಯಾರಂಟಿ ಯೋಜನೆ ಜಾರಿಗೆ ತಂದಿದೆ. 6 ಕೋಟಿ ಜನರಿಗೆ ಯೋಜನೆಯ ಲಾಭ ಸಿಗುತ್ತಿದೆ. 2 ಲಕ್ಷ 20 ಸಾವಿರ ಕೋಟಿ ಮೌಲ್ಯದ ಕಾರ್ಯಕ್ರಮ ಜಾರಿಯಾಗಿದೆ ಎಂದರು.
ಸಾಮಾಜಿಕ ಬದಲಾವಣೆಗೆ ಹಲವಾರು ಹಿಂದುಳಿದವರಿಗೆ ಆಧ್ಯತೆ:
ಸೆನ್ಸೆಕ್ಸ್ :	83,277.15	ನಿಫ್ಟಿ - 50	25,682.75	ಚಿನ್ನ 24 ಕ್ಯಾರೆಟ್	₹ 1,56,440 (10 ಗ್ರಾಂ)	ಚಿನ್ನ 22 ಕ್ಯಾರೆಟ್	₹ 1,43,400 (10 ಗ್ರಾಂ)	ಬೆಳ್ಳಿ :	₹ 2,39,903 (1 ಕೆಜಿ)	ಡಾಲರ್:	₹ 90.77 (ಪ್ರತಿ ಡಾಲರ್)
